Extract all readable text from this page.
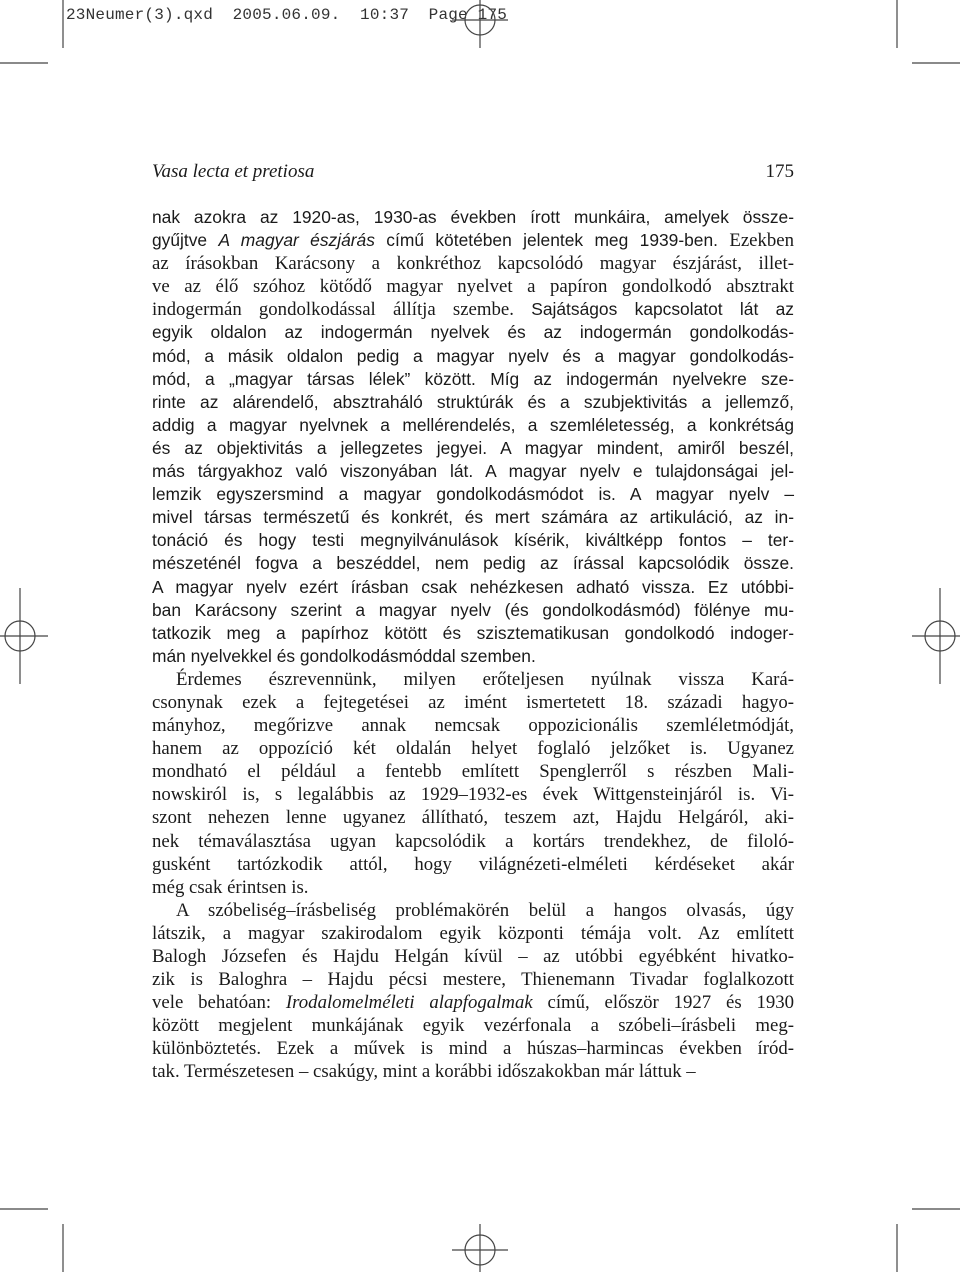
23Neumer(3).qxd  2005.06.09.  10:37  Page 175
Vasa lecta et pretiosa	175
nak azokra az 1920-as, 1930-as években írott munkáira, amelyek össze-
gyűjtve A magyar észjárás című kötetében jelentek meg 1939-ben. Ezekben
az írásokban Karácsony a konkréthoz kapcsolódó magyar észjárást, illet-
ve az élő szóhoz kötődő magyar nyelvet a papíron gondolkodó absztrakt
indogermán gondolkodással állítja szembe. Sajátságos kapcsolatot lát az
egyik oldalon az indogermán nyelvek és az indogermán gondolkodás-
mód, a másik oldalon pedig a magyar nyelv és a magyar gondolkodás-
mód, a „magyar társas lélek” között. Míg az indogermán nyelvekre sze-
rinte az alárendelő, absztraháló struktúrák és a szubjektivitás a jellemző,
addig a magyar nyelvnek a mellérendelés, a szemléletesség, a konkrétság
és az objektivitás a jellegzetes jegyei. A magyar mindent, amiről beszél,
más tárgyakhoz való viszonyában lát. A magyar nyelv e tulajdonságai jel-
lemzik egyszersmind a magyar gondolkodásmódot is. A magyar nyelv –
mivel társas természetű és konkrét, és mert számára az artikuláció, az in-
tonáció és hogy testi megnyilvánulások kísérik, kiváltképp fontos – ter-
mészeténél fogva a beszéddel, nem pedig az írással kapcsolódik össze.
A magyar nyelv ezért írásban csak nehézkesen adható vissza. Ez utóbbi-
ban Karácsony szerint a magyar nyelv (és gondolkodásmód) fölénye mu-
tatkozik meg a papírhoz kötött és szisztematikusan gondolkodó indoger-
mán nyelvekkel és gondolkodásmóddal szemben.
Érdemes észrevennünk, milyen erőteljesen nyúlnak vissza Kará-
csonynak ezek a fejtegetései az imént ismertetett 18. századi hagyo-
mányhoz, megőrizve annak nemcsak oppozicionális szemléletmódját,
hanem az oppozíció két oldalán helyet foglaló jelzőket is. Ugyanez
mondható el például a fentebb említett Spenglerről s részben Mali-
nowskiról is, s legalábbis az 1929–1932-es évek Wittgensteinjáról is. Vi-
szont nehezen lenne ugyanez állítható, teszem azt, Hajdu Helgáról, aki-
nek témaválasztása ugyan kapcsolódik a kortárs trendekhez, de filoló-
gusként tartózkodik attól, hogy világnézeti-elméleti kérdéseket akár
még csak érintsen is.
A szóbeliség–írásbeliség problémakörén belül a hangos olvasás, úgy
látszik, a magyar szakirodalom egyik központi témája volt. Az említett
Balogh Józsefen és Hajdu Helgán kívül – az utóbbi egyébként hivatko-
zik is Baloghra – Hajdu pécsi mestere, Thienemann Tivadar foglalkozott
vele behatóan: Irodalomelméleti alapfogalmak című, először 1927 és 1930
között megjelent munkájának egyik vezérfonala a szóbeli–írásbeli meg-
különböztetés. Ezek a művek is mind a húszas–harmincas években íród-
tak. Természetesen – csakúgy, mint a korábbi időszakokban már láttuk –
